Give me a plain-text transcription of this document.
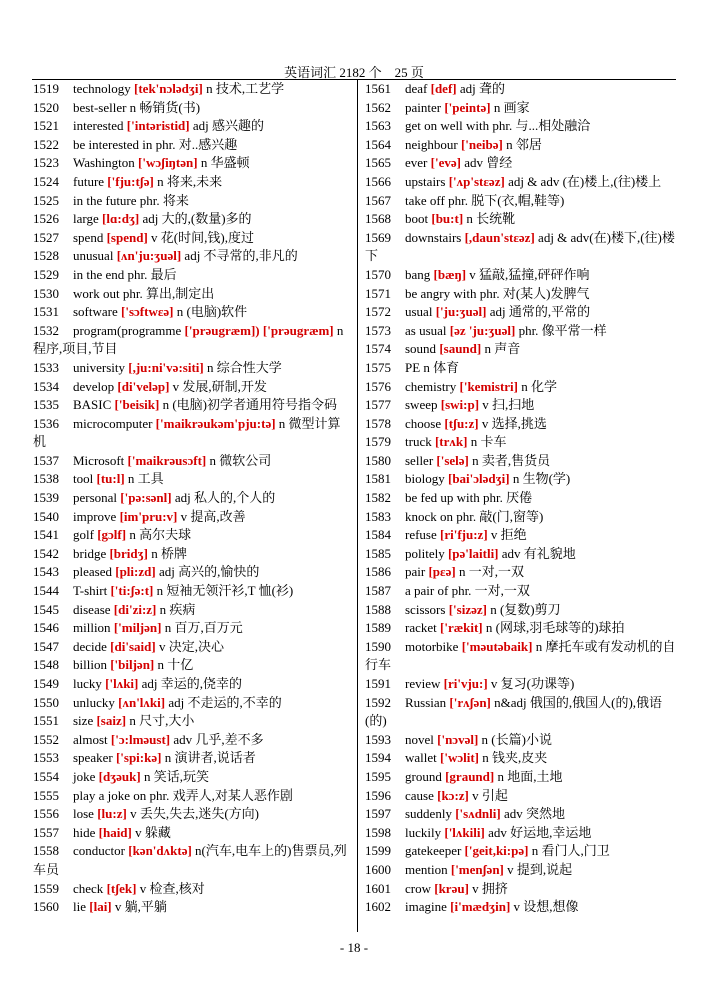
英语词汇 2182 个　25 页
1519 technology [tek'nɔlədʒi] n 技术,工艺学
1520 best-seller n 畅销货(书)
1521 interested ['intəristid] adj 感兴趣的
1522 be interested in phr. 对..感兴趣
1523 Washington ['wɔʃiŋtən] n 华盛顿
1524 future ['fju:tʃə] n 将来,未来
1525 in the future phr. 将来
1526 large [lɑ:dʒ] adj 大的,(数量)多的
1527 spend [spend] v 花(时间,钱),度过
1528 unusual [ʌn'ju:ʒuəl] adj 不寻常的,非凡的
1529 in the end phr. 最后
1530 work out phr. 算出,制定出
1531 software ['sɔftwεə] n (电脑)软件
1532 program(programme ['prəugræm]) ['prəugræm] n 程序,项目,节目
1533 university [,ju:ni'və:siti] n 综合性大学
1534 develop [di'veləp] v 发展,研制,开发
1535 BASIC ['beisik] n (电脑)初学者通用符号指令码
1536 microcomputer ['maikrəukəm'pju:tə] n 微型计算机
1537 Microsoft ['maikrəusɔft] n 微软公司
1538 tool [tu:l] n 工具
1539 personal ['pə:sənl] adj 私人的,个人的
1540 improve [im'pru:v] v 提高,改善
1541 golf [gɔlf] n 高尔夫球
1542 bridge [bridʒ] n 桥牌
1543 pleased [pli:zd] adj 高兴的,愉快的
1544 T-shirt ['ti:ʃə:t] n 短袖无领汗衫,T 恤(衫)
1545 disease [di'zi:z] n 疾病
1546 million ['miljən] n 百万,百万元
1547 decide [di'said] v 决定,决心
1548 billion ['biljən] n 十亿
1549 lucky ['lʌki] adj 幸运的,侥幸的
1550 unlucky [ʌn'lʌki] adj 不走运的,不幸的
1551 size [saiz] n 尺寸,大小
1552 almost ['ɔ:lməust] adv 几乎,差不多
1553 speaker ['spi:kə] n 演讲者,说话者
1554 joke [dʒəuk] n 笑话,玩笑
1555 play a joke on phr. 戏弄人,对某人恶作剧
1556 lose [lu:z] v 丢失,失去,迷失(方向)
1557 hide [haid] v 躲藏
1558 conductor [kən'dʌktə] n(汽车,电车上的)售票员,列车员
1559 check [tʃek] v 检查,核对
1560 lie [lai] v 躺,平躺
1561 deaf [def] adj 聋的
1562 painter ['peintə] n 画家
1563 get on well with phr. 与...相处融洽
1564 neighbour ['neibə] n 邻居
1565 ever ['evə] adv 曾经
1566 upstairs ['ʌp'stεəz] adj & adv (在)楼上,(往)楼上
1567 take off phr. 脱下(衣,帽,鞋等)
1568 boot [bu:t] n 长统靴
1569 downstairs [,daun'stεəz] adj & adv(在)楼下,(往)楼下
1570 bang [bæŋ] v 猛敲,猛撞,砰砰作响
1571 be angry with phr. 对(某人)发脾气
1572 usual ['ju:ʒuəl] adj 通常的,平常的
1573 as usual [əz 'ju:ʒuəl] phr. 像平常一样
1574 sound [saund] n 声音
1575 PE n 体育
1576 chemistry ['kemistri] n 化学
1577 sweep [swi:p] v 扫,扫地
1578 choose [tʃu:z] v 选择,挑选
1579 truck [trʌk] n 卡车
1580 seller ['selə] n 卖者,售货员
1581 biology [bai'ɔlədʒi] n 生物(学)
1582 be fed up with phr. 厌倦
1583 knock on phr. 敲(门,窗等)
1584 refuse [ri'fju:z] v 拒绝
1585 politely [pə'laitli] adv 有礼貌地
1586 pair [pεə] n 一对,一双
1587 a pair of phr. 一对,一双
1588 scissors ['sizəz] n (复数)剪刀
1589 racket ['rækit] n (网球,羽毛球等的)球拍
1590 motorbike ['məutəbaik] n 摩托车或有发动机的自行车
1591 review [ri'vju:] v 复习(功课等)
1592 Russian ['rʌʃən] n&adj 俄国的,俄国人(的),俄语(的)
1593 novel ['nɔvəl] n (长篇)小说
1594 wallet ['wɔlit] n 钱夹,皮夹
1595 ground [graund] n 地面,土地
1596 cause [kɔ:z] v 引起
1597 suddenly ['sʌdnli] adv 突然地
1598 luckily ['lʌkili] adv 好运地,幸运地
1599 gatekeeper ['geit,ki:pə] n 看门人,门卫
1600 mention ['menʃən] v 提到,说起
1601 crow [krəu] v 拥挤
1602 imagine [i'mædʒin] v 设想,想像
- 18 -
